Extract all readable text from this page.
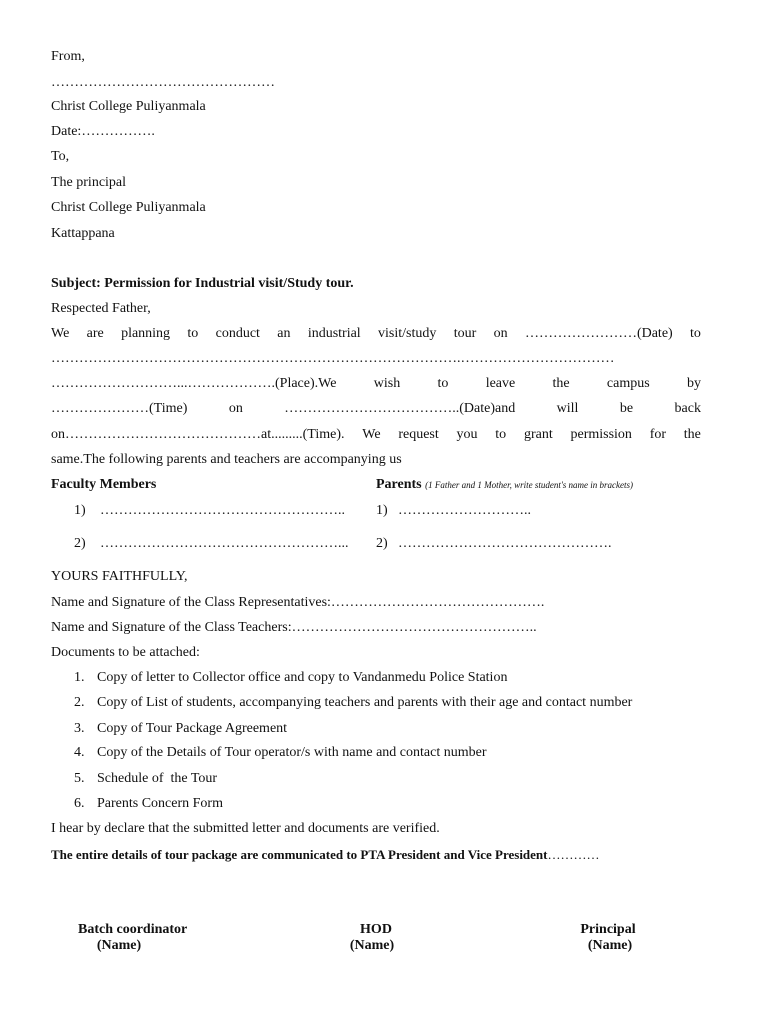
From,
…………………………………………
Christ College Puliyanmala
Date:…………….
To,
The principal
Christ College Puliyanmala
Kattappana
Subject: Permission for Industrial visit/Study tour.
Respected Father,
We are planning to conduct an industrial visit/study tour on ……………………(Date) to
…………………………………………………………………………….……………………………
………………………...……………….(Place).We	wish	to	leave	the	campus	by
…………………(Time)	on	………………………………..(Date)and	will	be	back
on……………………………………at.........(Time). We request you to grant permission for the
same.The following parents and teachers are accompanying us
Faculty Members	Parents (1 Father and 1 Mother, write student's name in brackets)
1) …………………………………………….. 1) ………………………..
2) ……………………………………………... 2) ……………………………………….
YOURS FAITHFULLY,
Name and Signature of the Class Representatives:……………………………………….
Name and Signature of the Class Teachers:……………………………………………..
Documents to be attached:
1. Copy of letter to Collector office and copy to Vandanmedu Police Station
2. Copy of List of students, accompanying teachers and parents with their age and contact number
3. Copy of Tour Package Agreement
4. Copy of the Details of Tour operator/s with name and contact number
5. Schedule of  the Tour
6. Parents Concern Form
I hear by declare that the submitted letter and documents are verified.
The entire details of tour package are communicated to PTA President and Vice President…………
Batch coordinator
(Name)
HOD
(Name)
Principal
(Name)
